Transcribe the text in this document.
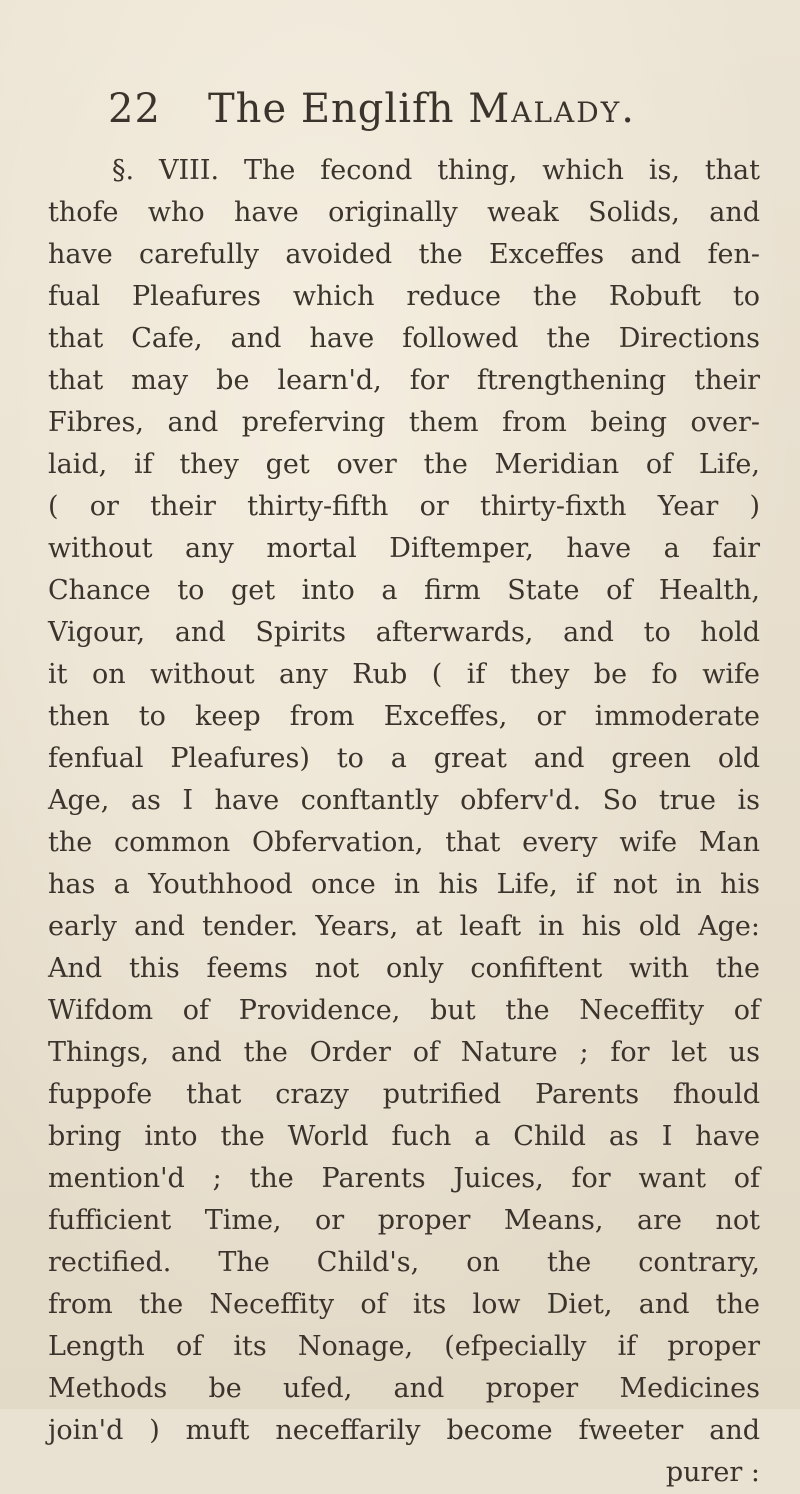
22 The Englifh Malady.
§. VIII. The fecond thing, which is, that
thofe who have originally weak Solids, and
have carefully avoided the Exceffes and fen-
fual Pleafures which reduce the Robuft to
that Cafe, and have followed the Directions
that may be learn'd, for ftrengthening their
Fibres, and preferving them from being over-
laid, if they get over the Meridian of Life,
( or their thirty-fifth or thirty-fixth Year )
without any mortal Diftemper, have a fair
Chance to get into a firm State of Health,
Vigour, and Spirits afterwards, and to hold
it on without any Rub ( if they be fo wife
then to keep from Exceffes, or immoderate
fenfual Pleafures) to a great and green old
Age, as I have conftantly obferv'd. So true is
the common Obfervation, that every wife Man
has a Youthhood once in his Life, if not in his
early and tender. Years, at leaft in his old Age:
And this feems not only confiftent with the
Wifdom of Providence, but the Neceffity of
Things, and the Order of Nature ; for let us
fuppofe that crazy putrified Parents fhould
bring into the World fuch a Child as I have
mention'd ; the Parents Juices, for want of
fufficient Time, or proper Means, are not
rectified. The Child's, on the contrary,
from the Neceffity of its low Diet, and the
Length of its Nonage, (efpecially if proper
Methods be ufed, and proper Medicines
join'd ) muft neceffarily become fweeter and
purer :
